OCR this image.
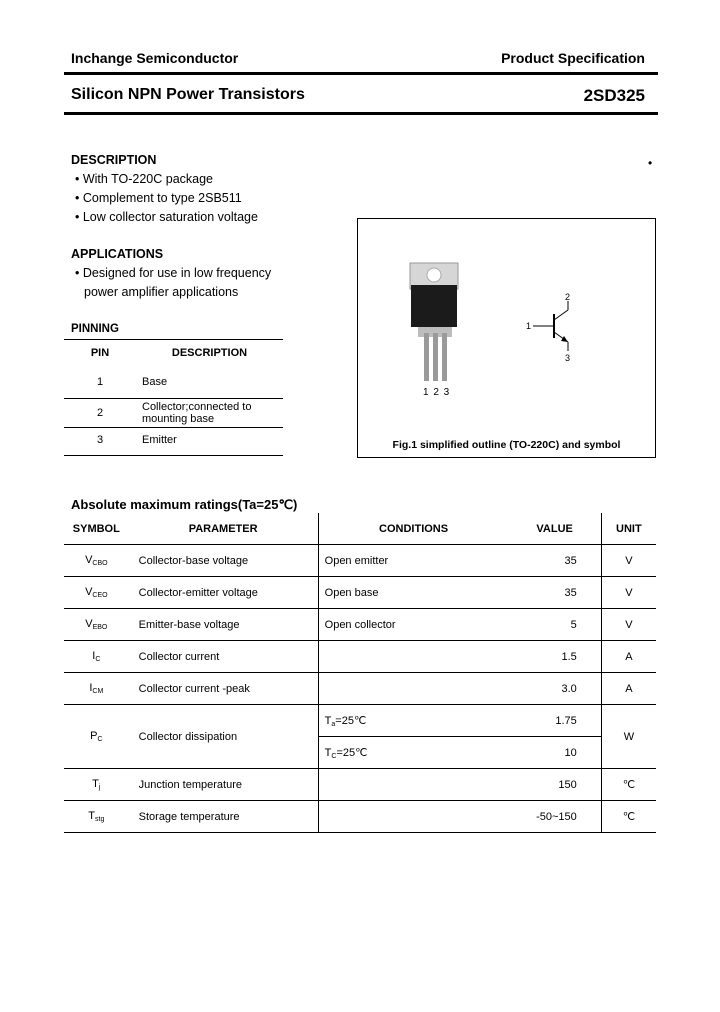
Inchange Semiconductor	Product Specification
Silicon NPN Power Transistors	2SD325
DESCRIPTION	•
• With TO-220C package
• Complement to type 2SB511
• Low collector saturation voltage
APPLICATIONS
• Designed for use in low frequency
power amplifier applications
PINNING
PIN	DESCRIPTION
1	Base
2	Collector;connected to
mounting base

3	Emitter
1 2 3
1
2
3
Fig.1 simplified outline (TO-220C) and symbol
Absolute maximum ratings(Ta=25℃)
SYMBOL	PARAMETER	CONDITIONS	VALUE	UNIT
$V_{CBO}$	Collector-base voltage	Open emitter	35	V
$V_{CEO}$	Collector-emitter voltage	Open base	35	V
$V_{EBO}$	Emitter-base voltage	Open collector	5	V
$I_C$	Collector current		1.5	A
$I_{CM}$	Collector current -peak		3.0	A
$P_C$	Collector dissipation	$T_a=25℃$	1.75	W
		$T_C=25℃$	10	
$T_j$	Junction temperature		150	℃
$T_{stg}$	Storage temperature		-50~150	℃
